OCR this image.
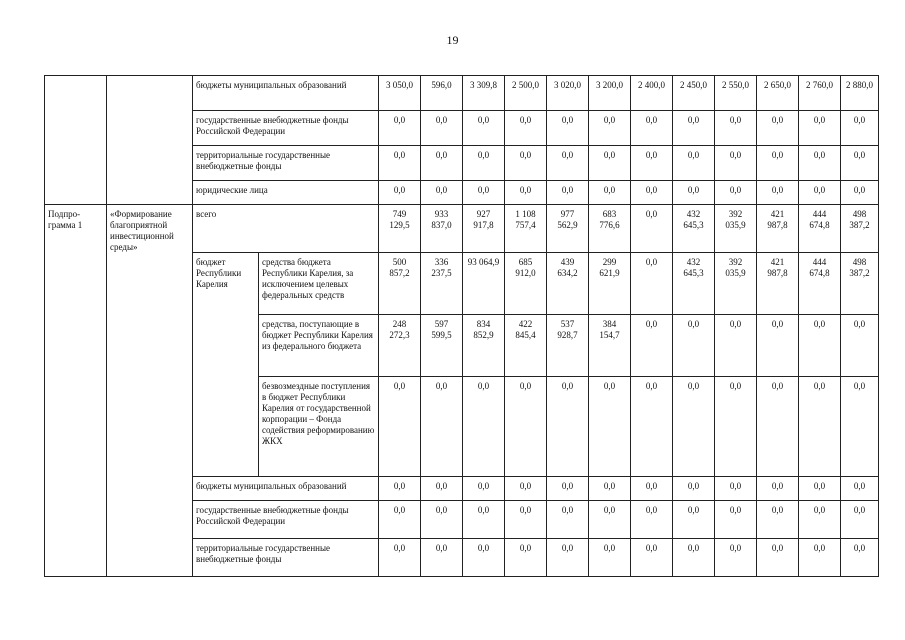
19
		бюджеты муниципальных образований		3 050,0	596,0	3 309,8	2 500,0	3 020,0	3 200,0	2 400,0	2 450,0	2 550,0	2 650,0	2 760,0	2 880,0
		государственные внебюджетные фонды Российской Федерации		0,0	0,0	0,0	0,0	0,0	0,0	0,0	0,0	0,0	0,0	0,0	0,0
		территориальные государственные внебюджетные фонды		0,0	0,0	0,0	0,0	0,0	0,0	0,0	0,0	0,0	0,0	0,0	0,0
		юридические лица		0,0	0,0	0,0	0,0	0,0	0,0	0,0	0,0	0,0	0,0	0,0	0,0
Подпро-грамма 1	«Формирование благоприятной инвестиционной среды»	всего		749 129,5	933 837,0	927 917,8	1 108 757,4	977 562,9	683 776,6	0,0	432 645,3	392 035,9	421 987,8	444 674,8	498 387,2
		бюджет Республики Карелия	средства бюджета Республики Карелия, за исключением целевых федеральных средств	500 857,2	336 237,5	93 064,9	685 912,0	439 634,2	299 621,9	0,0	432 645,3	392 035,9	421 987,8	444 674,8	498 387,2
			средства, поступающие в бюджет Республики Карелия из федерального бюджета	248 272,3	597 599,5	834 852,9	422 845,4	537 928,7	384 154,7	0,0	0,0	0,0	0,0	0,0	0,0
			безвозмездные поступления в бюджет Республики Карелия от государственной корпорации – Фонда содействия реформированию ЖКХ	0,0	0,0	0,0	0,0	0,0	0,0	0,0	0,0	0,0	0,0	0,0	0,0
		бюджеты муниципальных образований		0,0	0,0	0,0	0,0	0,0	0,0	0,0	0,0	0,0	0,0	0,0	0,0
		государственные внебюджетные фонды Российской Федерации		0,0	0,0	0,0	0,0	0,0	0,0	0,0	0,0	0,0	0,0	0,0	0,0
		территориальные государственные внебюджетные фонды		0,0	0,0	0,0	0,0	0,0	0,0	0,0	0,0	0,0	0,0	0,0	0,0
